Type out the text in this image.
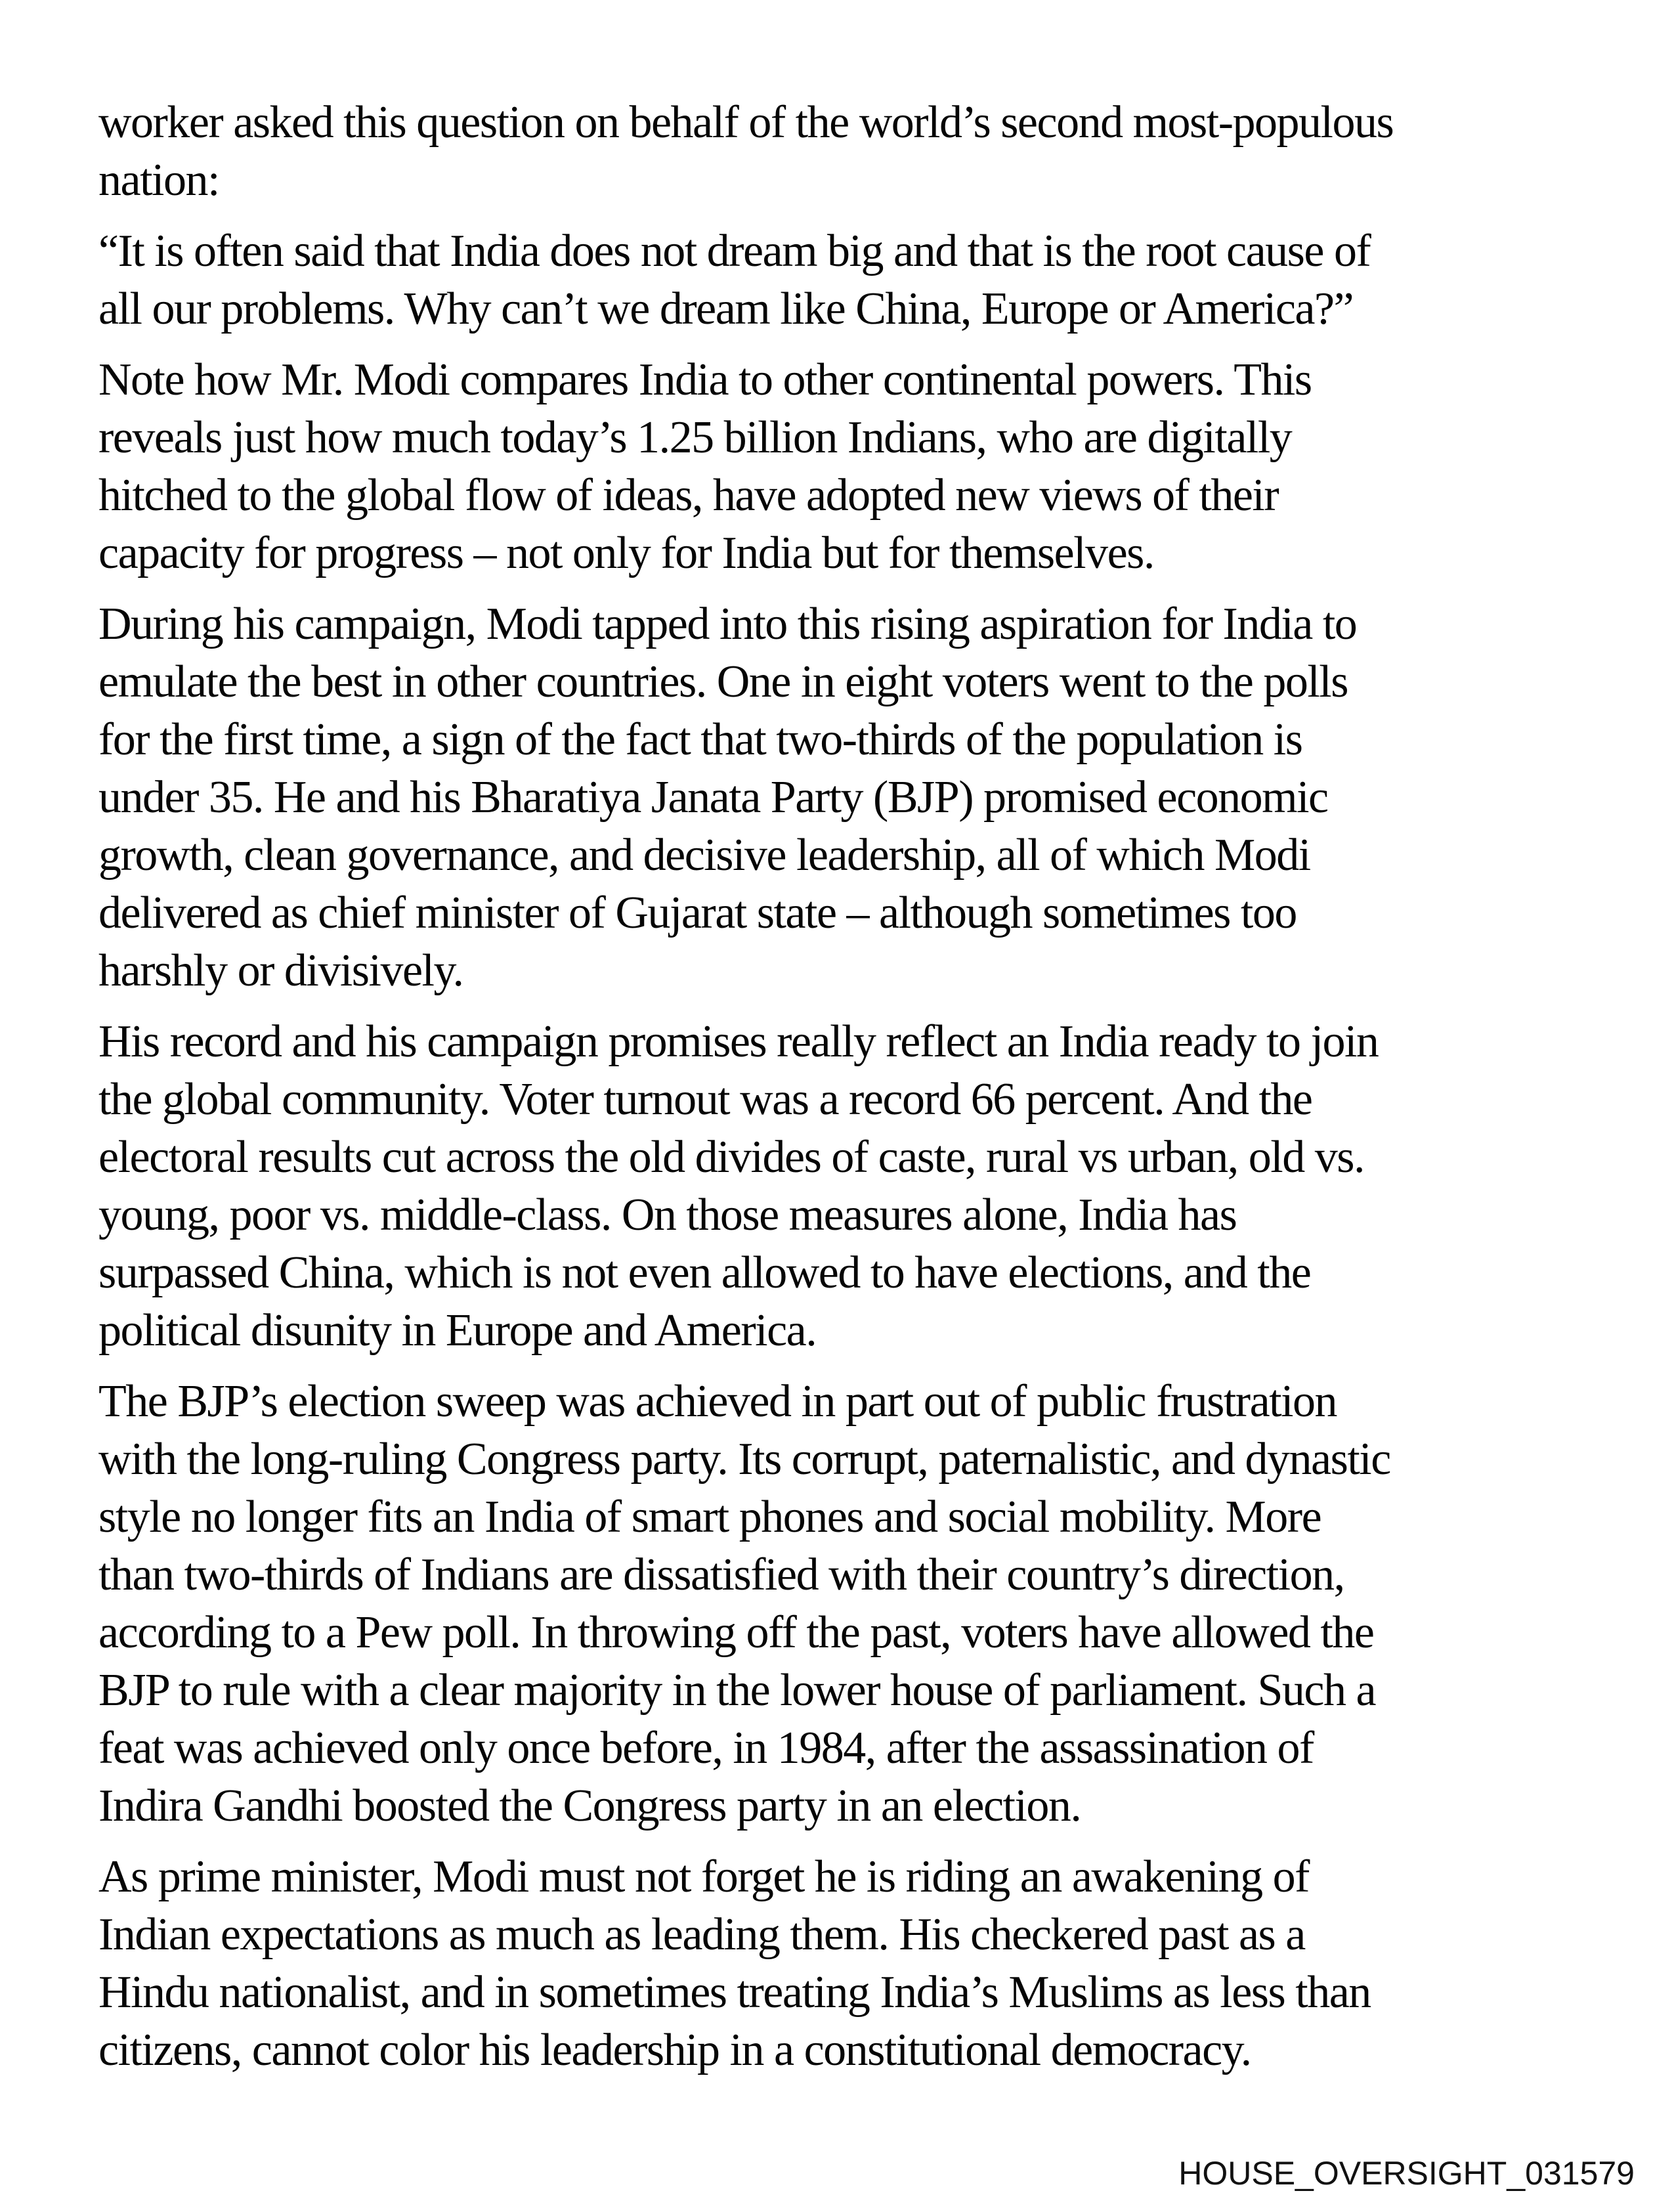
worker asked this question on behalf of the world’s second most-populous
nation:
“It is often said that India does not dream big and that is the root cause of
all our problems. Why can’t we dream like China, Europe or America?”
Note how Mr. Modi compares India to other continental powers. This
reveals just how much today’s 1.25 billion Indians, who are digitally
hitched to the global flow of ideas, have adopted new views of their
capacity for progress – not only for India but for themselves.
During his campaign, Modi tapped into this rising aspiration for India to
emulate the best in other countries. One in eight voters went to the polls
for the first time, a sign of the fact that two-thirds of the population is
under 35. He and his Bharatiya Janata Party (BJP) promised economic
growth, clean governance, and decisive leadership, all of which Modi
delivered as chief minister of Gujarat state – although sometimes too
harshly or divisively.
His record and his campaign promises really reflect an India ready to join
the global community. Voter turnout was a record 66 percent. And the
electoral results cut across the old divides of caste, rural vs urban, old vs.
young, poor vs. middle-class. On those measures alone, India has
surpassed China, which is not even allowed to have elections, and the
political disunity in Europe and America.
The BJP’s election sweep was achieved in part out of public frustration
with the long-ruling Congress party. Its corrupt, paternalistic, and dynastic
style no longer fits an India of smart phones and social mobility. More
than two-thirds of Indians are dissatisfied with their country’s direction,
according to a Pew poll. In throwing off the past, voters have allowed the
BJP to rule with a clear majority in the lower house of parliament. Such a
feat was achieved only once before, in 1984, after the assassination of
Indira Gandhi boosted the Congress party in an election.
As prime minister, Modi must not forget he is riding an awakening of
Indian expectations as much as leading them. His checkered past as a
Hindu nationalist, and in sometimes treating India’s Muslims as less than
citizens, cannot color his leadership in a constitutional democracy.
HOUSE_OVERSIGHT_031579
